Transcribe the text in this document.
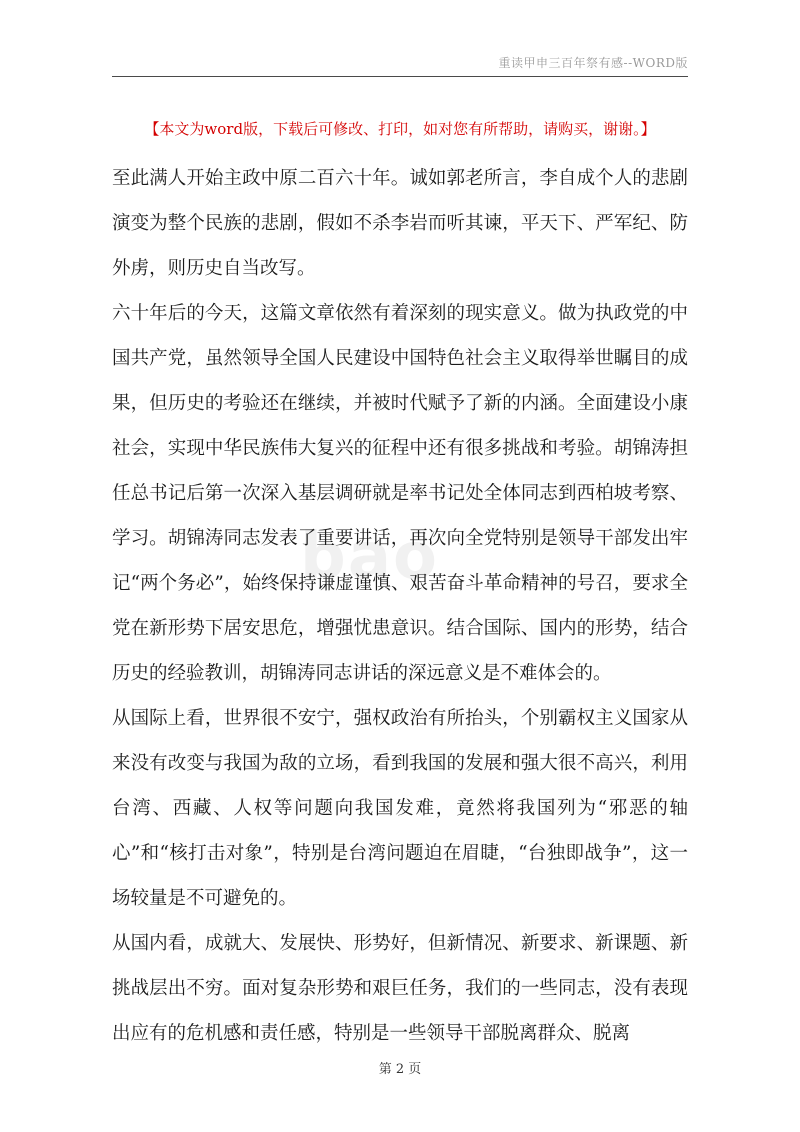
重读甲申三百年祭有感--WORD版
【本文为word版，下载后可修改、打印，如对您有所帮助，请购买，谢谢。】
bao

至此满人开始主政中原二百六十年。诚如郭老所言，李自成个人的悲剧演变为整个民族的悲剧，假如不杀李岩而听其谏，平天下、严军纪、防外虏，则历史自当改写。

六十年后的今天，这篇文章依然有着深刻的现实意义。做为执政党的中国共产党，虽然领导全国人民建设中国特色社会主义取得举世瞩目的成果，但历史的考验还在继续，并被时代赋予了新的内涵。全面建设小康社会，实现中华民族伟大复兴的征程中还有很多挑战和考验。胡锦涛担任总书记后第一次深入基层调研就是率书记处全体同志到西柏坡考察、学习。胡锦涛同志发表了重要讲话，再次向全党特别是领导干部发出牢记“两个务必”，始终保持谦虚谨慎、艰苦奋斗革命精神的号召，要求全党在新形势下居安思危，增强忧患意识。结合国际、国内的形势，结合历史的经验教训，胡锦涛同志讲话的深远意义是不难体会的。

从国际上看，世界很不安宁，强权政治有所抬头，个别霸权主义国家从来没有改变与我国为敌的立场，看到我国的发展和强大很不高兴，利用台湾、西藏、人权等问题向我国发难，竟然将我国列为“邪恶的轴心”和“核打击对象”，特别是台湾问题迫在眉睫，“台独即战争”，这一场较量是不可避免的。

从国内看，成就大、发展快、形势好，但新情况、新要求、新课题、新挑战层出不穷。面对复杂形势和艰巨任务，我们的一些同志，没有表现出应有的危机感和责任感，特别是一些领导干部脱离群众、脱离

第 2 页
